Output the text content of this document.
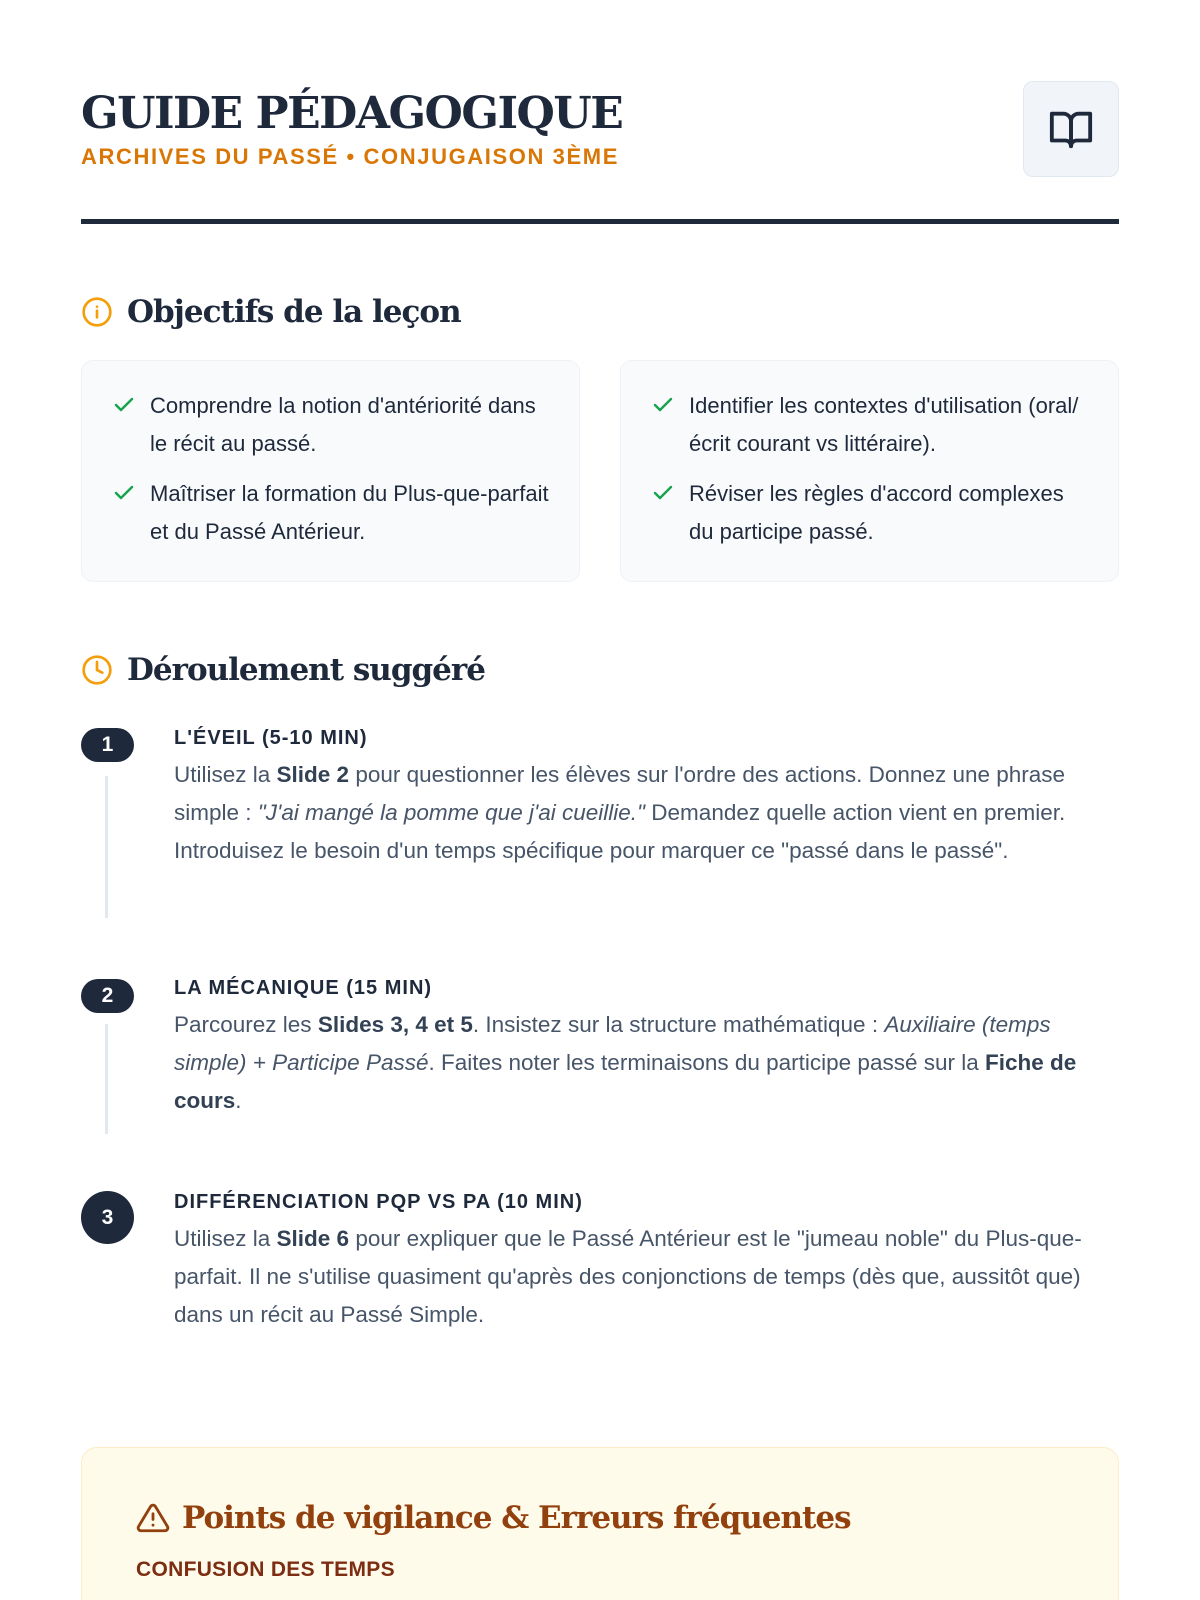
GUIDE PÉDAGOGIQUE
ARCHIVES DU PASSÉ • CONJUGAISON 3ÈME
Objectifs de la leçon
Comprendre la notion d'antériorité dans le récit au passé.
Maîtriser la formation du Plus-que-parfait et du Passé Antérieur.
Identifier les contextes d'utilisation (oral/écrit courant vs littéraire).
Réviser les règles d'accord complexes du participe passé.
Déroulement suggéré
1	L'ÉVEIL (5-10 MIN)

Utilisez la Slide 2 pour questionner les élèves sur l'ordre des actions. Donnez une phrase simple : "J'ai mangé la pomme que j'ai cueillie." Demandez quelle action vient en premier. Introduisez le besoin d'un temps spécifique pour marquer ce "passé dans le passé".

2	LA MÉCANIQUE (15 MIN)

Parcourez les Slides 3, 4 et 5. Insistez sur la structure mathématique : Auxiliaire (temps simple) + Participe Passé. Faites noter les terminaisons du participe passé sur la Fiche de cours.

3
DIFFÉRENCIATION PQP VS PA (10 MIN)

Utilisez la Slide 6 pour expliquer que le Passé Antérieur est le "jumeau noble" du Plus-que-parfait. Il ne s'utilise quasiment qu'après des conjonctions de temps (dès que, aussitôt que) dans un récit au Passé Simple.

Points de vigilance & Erreurs fréquentes
CONFUSION DES TEMPS
